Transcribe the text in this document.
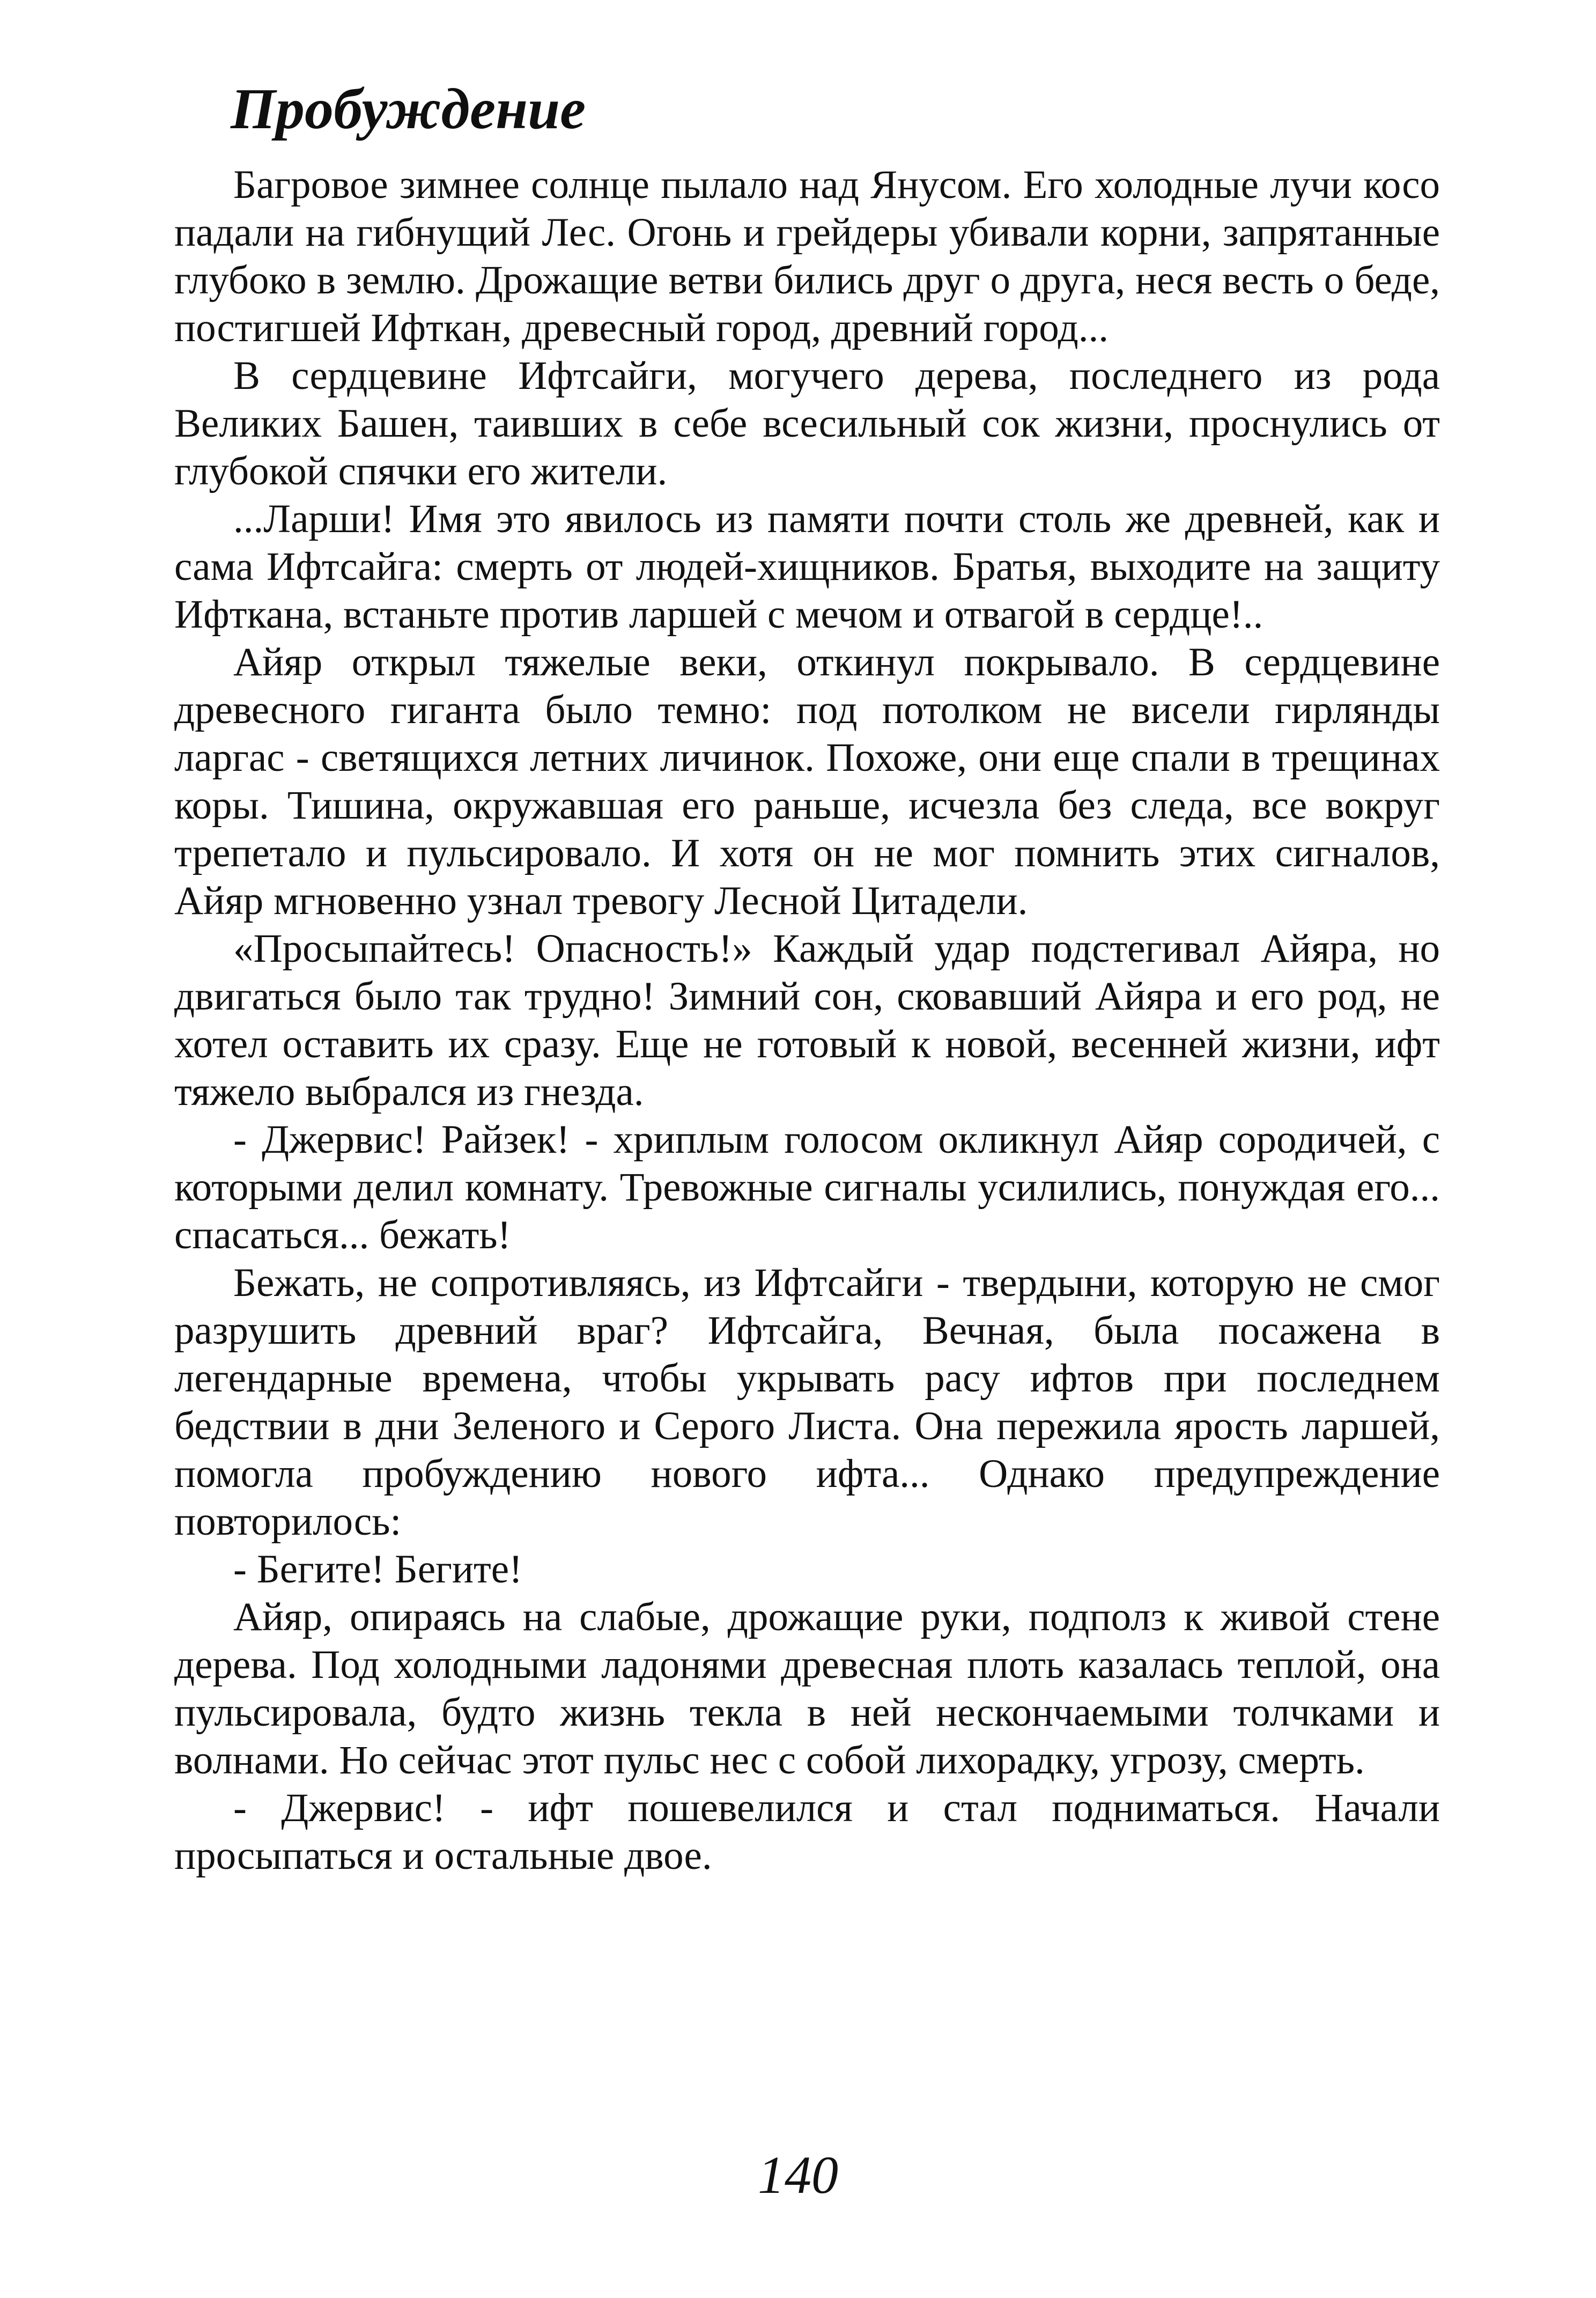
Пробуждение

Багровое зимнее солнце пылало над Янусом. Его холодные лучи косо падали на гибнущий Лес. Огонь и грейдеры убивали корни, запрятанные глубоко в землю. Дрожащие ветви бились друг о друга, неся весть о беде, постигшей Ифткан, древесный город, древний город...

В сердцевине Ифтсайги, могучего дерева, последнего из рода Великих Башен, таивших в себе всесильный сок жизни, проснулись от глубокой спячки его жители.

...Ларши! Имя это явилось из памяти почти столь же древней, как и сама Ифтсайга: смерть от людей-хищников. Братья, выходите на защиту Ифткана, встаньте против ларшей с мечом и отвагой в сердце!..

Айяр открыл тяжелые веки, откинул покрывало. В сердцевине древесного гиганта было темно: под потолком не висели гирлянды ларгас - светящихся летних личинок. Похоже, они еще спали в трещинах коры. Тишина, окружавшая его раньше, исчезла без следа, все вокруг трепетало и пульсировало. И хотя он не мог помнить этих сигналов, Айяр мгновенно узнал тревогу Лесной Цитадели.

«Просыпайтесь! Опасность!» Каждый удар подстегивал Айяра, но двигаться было так трудно! Зимний сон, сковавший Айяра и его род, не хотел оставить их сразу. Еще не готовый к новой, весенней жизни, ифт тяжело выбрался из гнезда.

- Джервис! Райзек! - хриплым голосом окликнул Айяр сородичей, с которыми делил комнату. Тревожные сигналы усилились, понуждая его... спасаться... бежать!

Бежать, не сопротивляясь, из Ифтсайги - твердыни, которую не смог разрушить древний враг? Ифтсайга, Вечная, была посажена в легендарные времена, чтобы укрывать расу ифтов при последнем бедствии в дни Зеленого и Серого Листа. Она пережила ярость ларшей, помогла пробуждению нового ифта... Однако предупреждение повторилось:

- Бегите! Бегите!

Айяр, опираясь на слабые, дрожащие руки, подполз к живой стене дерева. Под холодными ладонями древесная плоть казалась теплой, она пульсировала, будто жизнь текла в ней нескончаемыми толчками и волнами. Но сейчас этот пульс нес с собой лихорадку, угрозу, смерть.

- Джервис! - ифт пошевелился и стал подниматься. Начали просыпаться и остальные двое.

140
